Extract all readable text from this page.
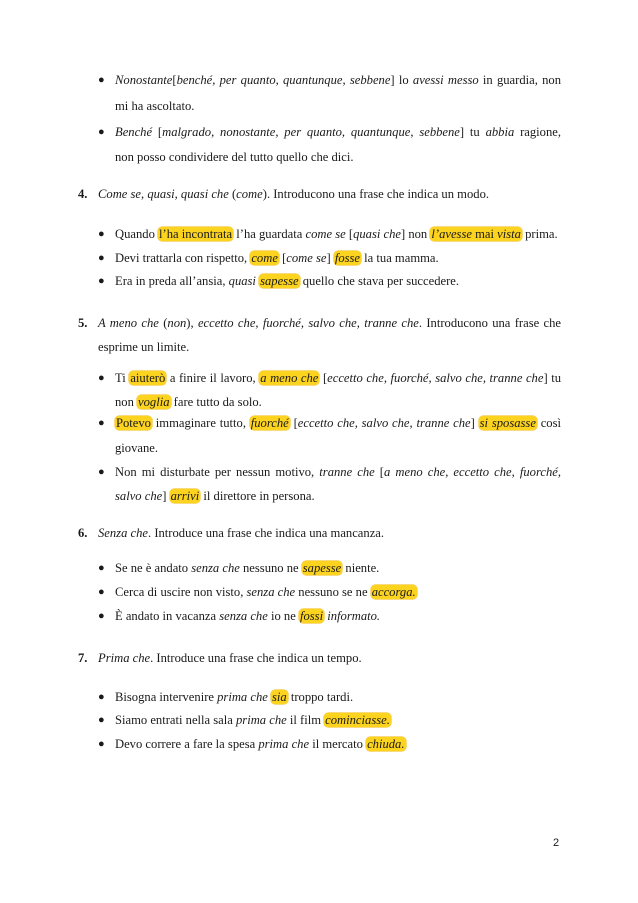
● Nonostante[benché, per quanto, quantunque, sebbene] lo avessi messo in guardia, non
mi ha ascoltato.
● Benché [malgrado, nonostante, per quanto, quantunque, sebbene] tu abbia ragione,
non posso condividere del tutto quello che dici.
4. Come se, quasi, quasi che (come). Introducono una frase che indica un modo.
● Quando l’ha incontrata l’ha guardata come se [quasi che] non l’avesse mai vista prima.
● Devi trattarla con rispetto, come [come se] fosse la tua mamma.
● Era in preda all’ansia, quasi sapesse quello che stava per succedere.
5. A meno che (non), eccetto che, fuorché, salvo che, tranne che. Introducono una frase che
esprime un limite.
● Ti aiuterò a finire il lavoro, a meno che [eccetto che, fuorché, salvo che, tranne che] tu
non voglia fare tutto da solo.
● Potevo immaginare tutto, fuorché [eccetto che, salvo che, tranne che] si sposasse così
giovane.
● Non mi disturbate per nessun motivo, tranne che [a meno che, eccetto che, fuorché,
salvo che] arrivi il direttore in persona.
6. Senza che. Introduce una frase che indica una mancanza.
● Se ne è andato senza che nessuno ne sapesse niente.
● Cerca di uscire non visto, senza che nessuno se ne accorga.
● È andato in vacanza senza che io ne fossi informato.
7. Prima che. Introduce una frase che indica un tempo.
● Bisogna intervenire prima che sia troppo tardi.
● Siamo entrati nella sala prima che il film cominciasse.
● Devo correre a fare la spesa prima che il mercato chiuda.
2
